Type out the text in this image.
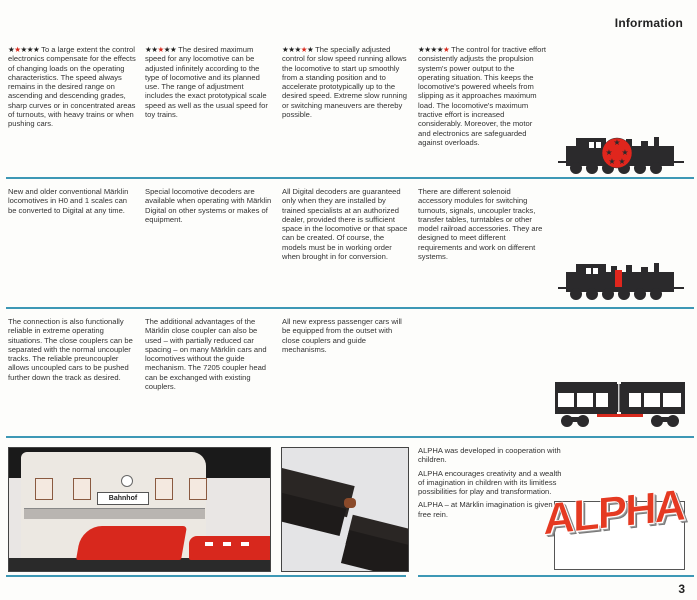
Information
★★★★★ To a large extent the control electronics compensate for the effects of changing loads on the operating characteristics. The speed always remains in the desired range on ascending and descending grades, sharp curves or in concentrated areas of turnouts, with heavy trains or when pushing cars.
★★★★★ The desired maximum speed for any locomotive can be adjusted infinitely according to the type of locomotive and its planned use. The range of adjustment includes the exact prototypical scale speed as well as the usual speed for toy trains.
★★★★★ The specially adjusted control for slow speed running allows the locomotive to start up smoothly from a standing position and to accelerate prototypically up to the desired speed. Extreme slow running or switching maneuvers are thereby possible.
★★★★★ The control for tractive effort consistently adjusts the propulsion system's power output to the operating situation. This keeps the locomotive's powered wheels from slipping as it approaches maximum load. The locomotive's maximum tractive effort is increased considerably. Moreover, the motor and electronics are safeguarded against overloads.	★
★ ★
★ ★
New and older conventional Märklin locomotives in H0 and 1 scales can be converted to Digital at any time.
Special locomotive decoders are available when operating with Märklin Digital on other systems or makes of equipment.
All Digital decoders are guaranteed only when they are installed by trained specialists at an authorized dealer, provided there is sufficient space in the locomotive or that space can be created. Of course, the models must be in working order when brought in for conversion.
There are different solenoid accessory modules for switching turnouts, signals, uncoupler tracks, transfer tables, turntables or other model railroad accessories. They are designed to meet different requirements and work on different systems.
The connection is also functionally reliable in extreme operating situations. The close couplers can be separated with the normal uncoupler tracks. The reliable preuncoupler allows uncoupled cars to be pushed further down the track as desired.
The additional advantages of the Märklin close coupler can also be used – with partially reduced car spacing – on many Märklin cars and locomotives without the guide mechanism. The 7205 coupler head can be exchanged with existing couplers.
All new express passenger cars will be equipped from the outset with close couplers and guide mechanisms.
Bahnhof

ALPHA was developed in cooperation with children.

ALPHA encourages creativity and a wealth of imagination in children with its limitless possibilities for play and transformation.

ALPHA – at Märklin imagination is given free rein.	ALPHA
3
